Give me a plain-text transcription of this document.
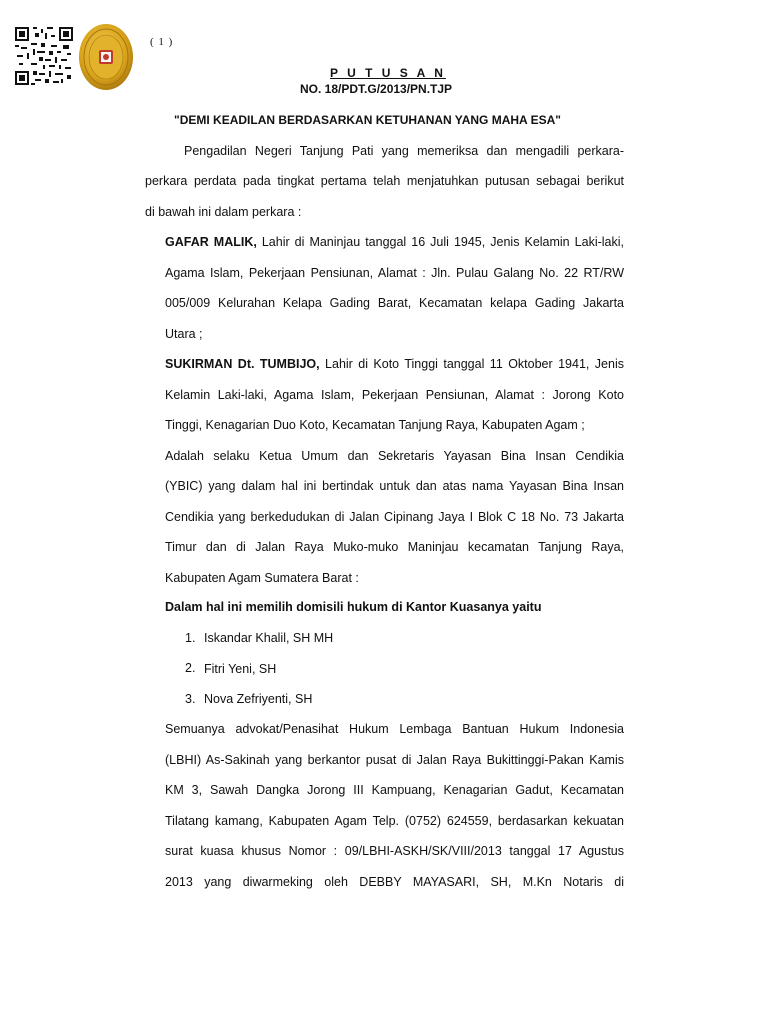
( 1 )
P U T U S A N
NO. 18/PDT.G/2013/PN.TJP
"DEMI KEADILAN BERDASARKAN KETUHANAN YANG MAHA ESA"
Pengadilan Negeri Tanjung Pati yang memeriksa dan mengadili perkara-
perkara perdata pada tingkat pertama telah menjatuhkan putusan sebagai berikut
di bawah ini dalam perkara :
GAFAR MALIK, Lahir di Maninjau tanggal 16 Juli 1945, Jenis Kelamin Laki-laki,
Agama Islam, Pekerjaan Pensiunan, Alamat : Jln. Pulau Galang No. 22 RT/RW
005/009 Kelurahan Kelapa Gading Barat, Kecamatan kelapa Gading Jakarta
Utara ;
SUKIRMAN Dt. TUMBIJO, Lahir di Koto Tinggi tanggal 11 Oktober 1941, Jenis
Kelamin Laki-laki, Agama Islam, Pekerjaan Pensiunan, Alamat : Jorong Koto
Tinggi, Kenagarian Duo Koto, Kecamatan Tanjung Raya, Kabupaten Agam ;
Adalah selaku Ketua Umum dan Sekretaris Yayasan Bina Insan Cendikia
(YBIC) yang dalam hal ini bertindak untuk dan atas nama Yayasan Bina Insan
Cendikia yang berkedudukan di Jalan Cipinang Jaya I Blok C 18 No. 73 Jakarta
Timur dan di Jalan Raya Muko-muko Maninjau kecamatan Tanjung Raya,
Kabupaten Agam Sumatera Barat :
Dalam hal ini memilih domisili hukum di Kantor Kuasanya yaitu
1. Iskandar Khalil, SH MH
2. Fitri Yeni, SH
3. Nova Zefriyenti, SH
Semuanya advokat/Penasihat Hukum Lembaga Bantuan Hukum Indonesia
(LBHI) As-Sakinah yang berkantor pusat di Jalan Raya Bukittinggi-Pakan Kamis
KM 3, Sawah Dangka Jorong III Kampuang, Kenagarian Gadut, Kecamatan
Tilatang kamang, Kabupaten Agam Telp. (0752) 624559, berdasarkan kekuatan
surat kuasa khusus Nomor : 09/LBHI-ASKH/SK/VIII/2013 tanggal 17 Agustus
2013 yang diwarmeking oleh DEBBY MAYASARI, SH, M.Kn Notaris di
